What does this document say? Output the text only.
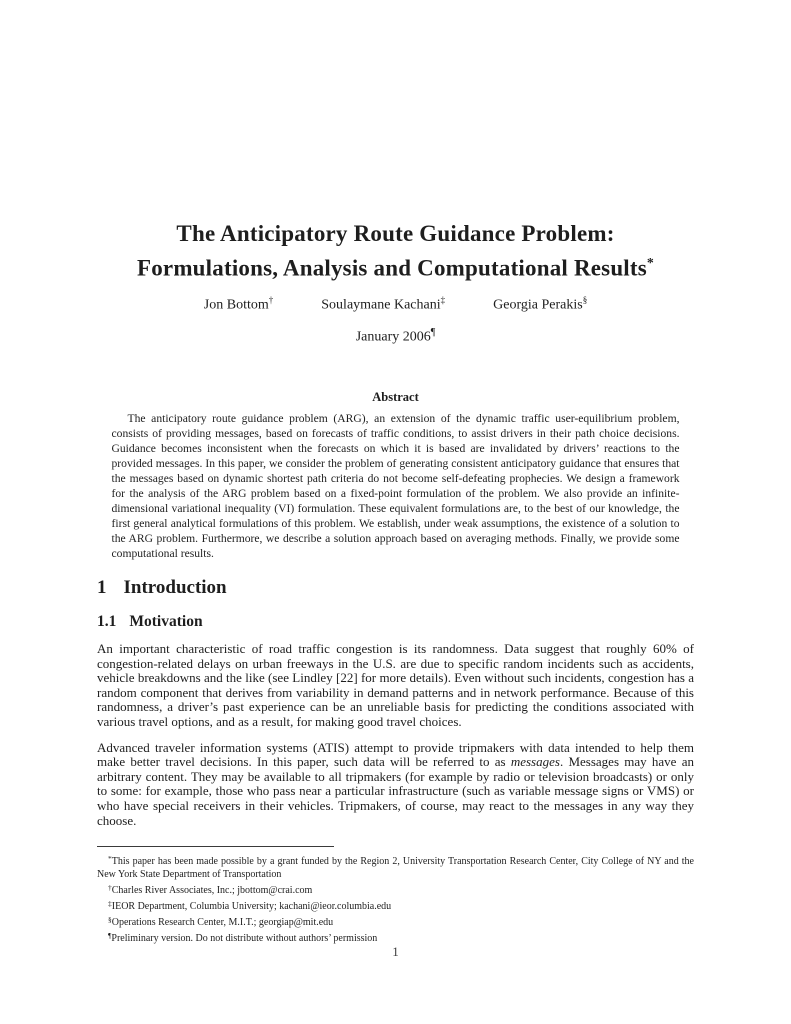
The Anticipatory Route Guidance Problem:
Formulations, Analysis and Computational Results*
Jon Bottom†	Soulaymane Kachani‡	Georgia Perakis§
January 2006¶

Abstract

The anticipatory route guidance problem (ARG), an extension of the dynamic traffic user-equilibrium problem, consists of providing messages, based on forecasts of traffic conditions, to assist drivers in their path choice decisions. Guidance becomes inconsistent when the forecasts on which it is based are invalidated by drivers’ reactions to the provided messages. In this paper, we consider the problem of generating consistent anticipatory guidance that ensures that the messages based on dynamic shortest path criteria do not become self-defeating prophecies. We design a framework for the analysis of the ARG problem based on a fixed-point formulation of the problem. We also provide an infinite-dimensional variational inequality (VI) formulation. These equivalent formulations are, to the best of our knowledge, the first general analytical formulations of this problem. We establish, under weak assumptions, the existence of a solution to the ARG problem. Furthermore, we describe a solution approach based on averaging methods. Finally, we provide some computational results.

1 Introduction
1.1 Motivation

An important characteristic of road traffic congestion is its randomness. Data suggest that roughly 60% of congestion-related delays on urban freeways in the U.S. are due to specific random incidents such as accidents, vehicle breakdowns and the like (see Lindley [22] for more details). Even without such incidents, congestion has a random component that derives from variability in demand patterns and in network performance. Because of this randomness, a driver’s past experience can be an unreliable basis for predicting the conditions associated with various travel options, and as a result, for making good travel choices.

Advanced traveler information systems (ATIS) attempt to provide tripmakers with data intended to help them make better travel decisions. In this paper, such data will be referred to as messages. Messages may have an arbitrary content. They may be available to all tripmakers (for example by radio or television broadcasts) or only to some: for example, those who pass near a particular infrastructure (such as variable message signs or VMS) or who have special receivers in their vehicles. Tripmakers, of course, may react to the messages in any way they choose.

*This paper has been made possible by a grant funded by the Region 2, University Transportation Research Center, City College of NY and the New York State Department of Transportation

†Charles River Associates, Inc.; jbottom@crai.com

‡IEOR Department, Columbia University; kachani@ieor.columbia.edu

§Operations Research Center, M.I.T.; georgiap@mit.edu

¶Preliminary version. Do not distribute without authors’ permission

1
